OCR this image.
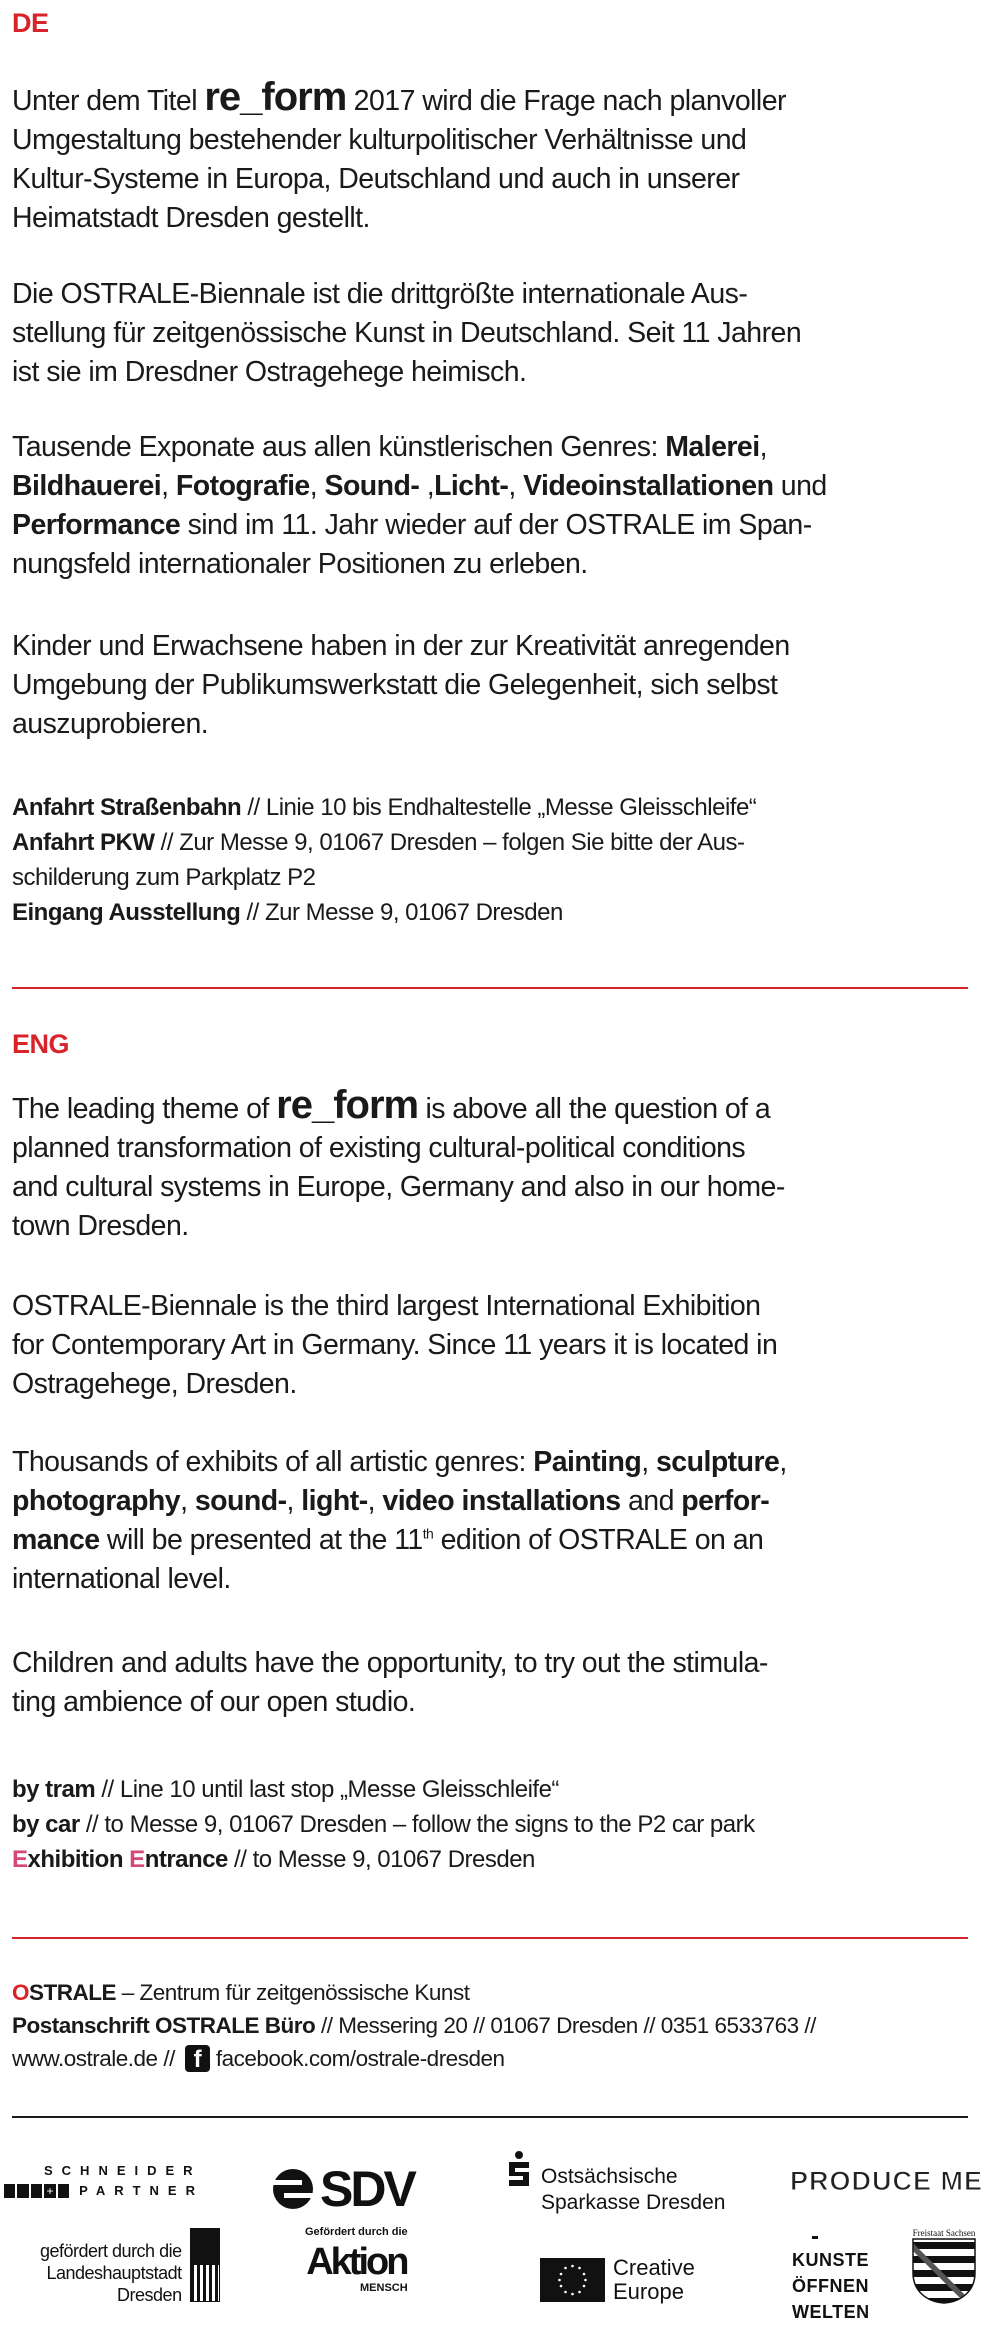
DE
Unter dem Titel re_form 2017 wird die Frage nach planvoller
Umgestaltung bestehender kulturpolitischer Verhältnisse und
Kultur-Systeme in Europa, Deutschland und auch in unserer
Heimatstadt Dresden gestellt.
Die OSTRALE-Biennale ist die drittgrößte internationale Aus-
stellung für zeitgenössische Kunst in Deutschland. Seit 11 Jahren
ist sie im Dresdner Ostragehege heimisch.
Tausende Exponate aus allen künstlerischen Genres: Malerei,
Bildhauerei, Fotografie, Sound- ,Licht-, Videoinstallationen und
Performance sind im 11. Jahr wieder auf der OSTRALE im Span-
nungsfeld internationaler Positionen zu erleben.
Kinder und Erwachsene haben in der zur Kreativität anregenden
Umgebung der Publikumswerkstatt die Gelegenheit, sich selbst
auszuprobieren.
Anfahrt Straßenbahn // Linie 10 bis Endhaltestelle „Messe Gleisschleife“
Anfahrt PKW // Zur Messe 9, 01067 Dresden – folgen Sie bitte der Aus-
schilderung zum Parkplatz P2
Eingang Ausstellung // Zur Messe 9, 01067 Dresden
ENG
The leading theme of re_form is above all the question of a
planned transformation of existing cultural-political conditions
and cultural systems in Europe, Germany and also in our home-
town Dresden.
OSTRALE-Biennale is the third largest International Exhibition
for Contemporary Art in Germany. Since 11 years it is located in
Ostragehege, Dresden.
Thousands of exhibits of all artistic genres: Painting, sculpture,
photography, sound-, light-, video installations and perfor-
mance will be presented at the 11th edition of OSTRALE on an
international level.
Children and adults have the opportunity, to try out the stimula-
ting ambience of our open studio.
by tram // Line 10 until last stop „Messe Gleisschleife“
by car // to Messe 9, 01067 Dresden – follow the signs to the P2 car park
Exhibition Entrance // to Messe 9, 01067 Dresden
OSTRALE – Zentrum für zeitgenössische Kunst
Postanschrift OSTRALE Büro // Messering 20 // 01067 Dresden // 0351 6533763 //
www.ostrale.de // f facebook.com/ostrale-dresden
SCHNEIDER
+ PARTNER SDV	Ostsächsische
Sparkasse Dresden
PRODUCE ME
gefördert durch die
Landeshauptstadt
Dresden
Gefördert durch die
Aktion
MENSCH
Creative
Europe
KUNSTE
ÖFFNEN
WELTEN
Freistaat Sachsen
